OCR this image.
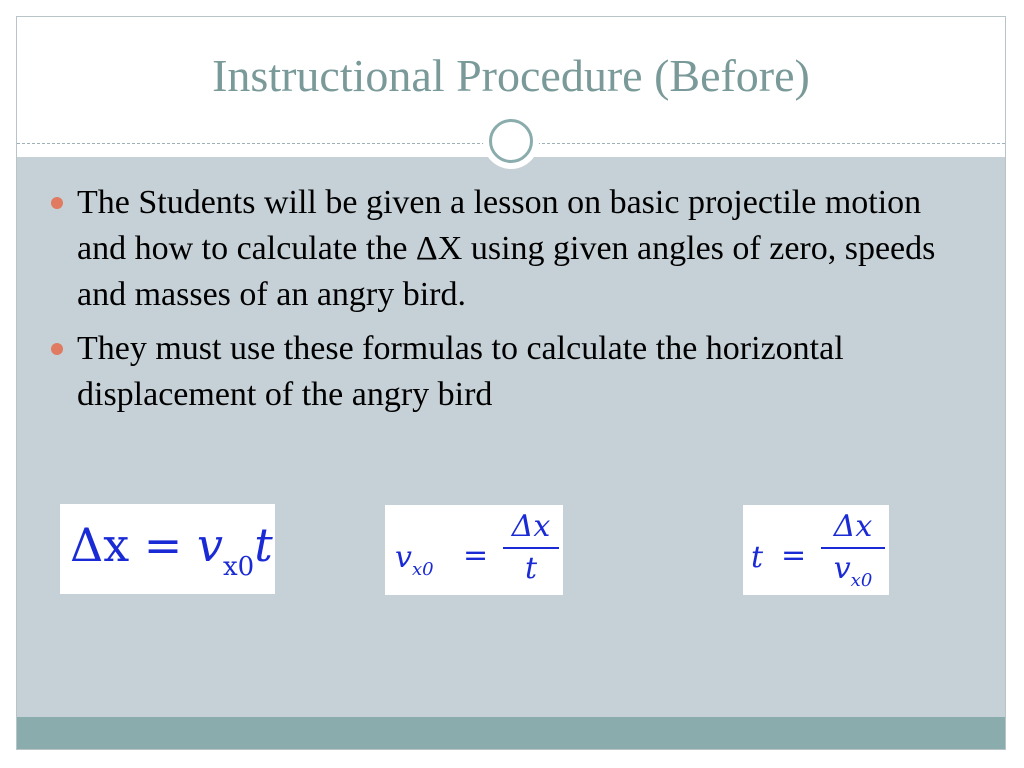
Instructional Procedure (Before)
The Students will be given a lesson on basic projectile motion and how to calculate the ΔX using given angles of zero, speeds and masses of an angry bird.
They must use these formulas to calculate the horizontal displacement of the angry bird
$\Delta x = v_{x0}t$	$v_{x0}$ =
Δx
t	t =
Δx
$v_{x0}$
